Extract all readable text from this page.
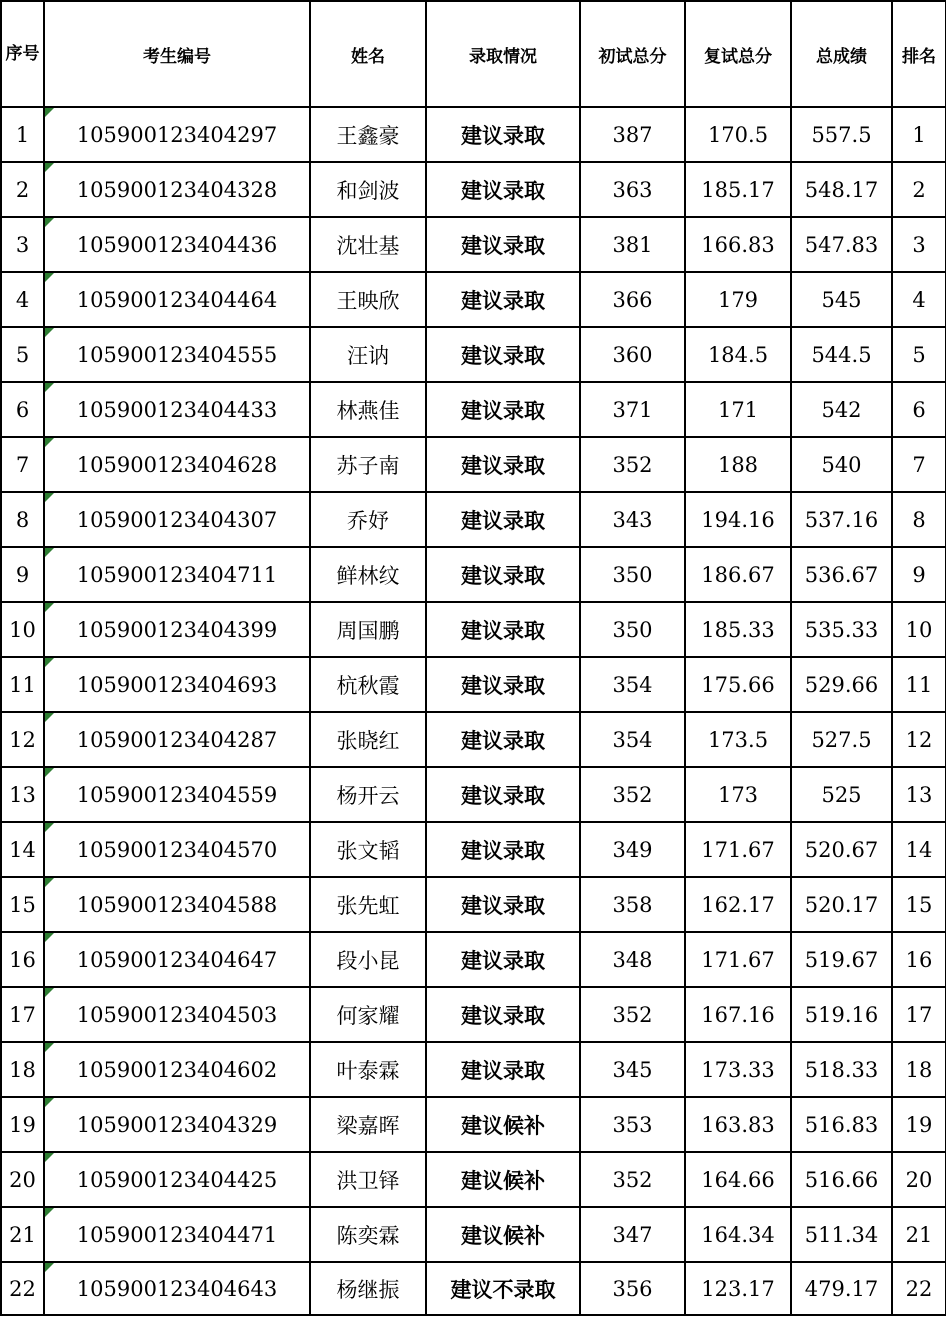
序号	考生编号	姓名	录取情况	初试总分	复试总分	总成绩	排名
1	105900123404297	王鑫豪	建议录取	387	170.5	557.5	1
2	105900123404328	和剑波	建议录取	363	185.17	548.17	2
3	105900123404436	沈壮基	建议录取	381	166.83	547.83	3
4	105900123404464	王映欣	建议录取	366	179	545	4
5	105900123404555	汪讷	建议录取	360	184.5	544.5	5
6	105900123404433	林燕佳	建议录取	371	171	542	6
7	105900123404628	苏子南	建议录取	352	188	540	7
8	105900123404307	乔妤	建议录取	343	194.16	537.16	8
9	105900123404711	鲜林纹	建议录取	350	186.67	536.67	9
10	105900123404399	周国鹏	建议录取	350	185.33	535.33	10
11	105900123404693	杭秋霞	建议录取	354	175.66	529.66	11
12	105900123404287	张晓红	建议录取	354	173.5	527.5	12
13	105900123404559	杨开云	建议录取	352	173	525	13
14	105900123404570	张文韬	建议录取	349	171.67	520.67	14
15	105900123404588	张先虹	建议录取	358	162.17	520.17	15
16	105900123404647	段小昆	建议录取	348	171.67	519.67	16
17	105900123404503	何家耀	建议录取	352	167.16	519.16	17
18	105900123404602	叶泰霖	建议录取	345	173.33	518.33	18
19	105900123404329	梁嘉晖	建议候补	353	163.83	516.83	19
20	105900123404425	洪卫铎	建议候补	352	164.66	516.66	20
21	105900123404471	陈奕霖	建议候补	347	164.34	511.34	21
22	105900123404643	杨继振	建议不录取	356	123.17	479.17	22
